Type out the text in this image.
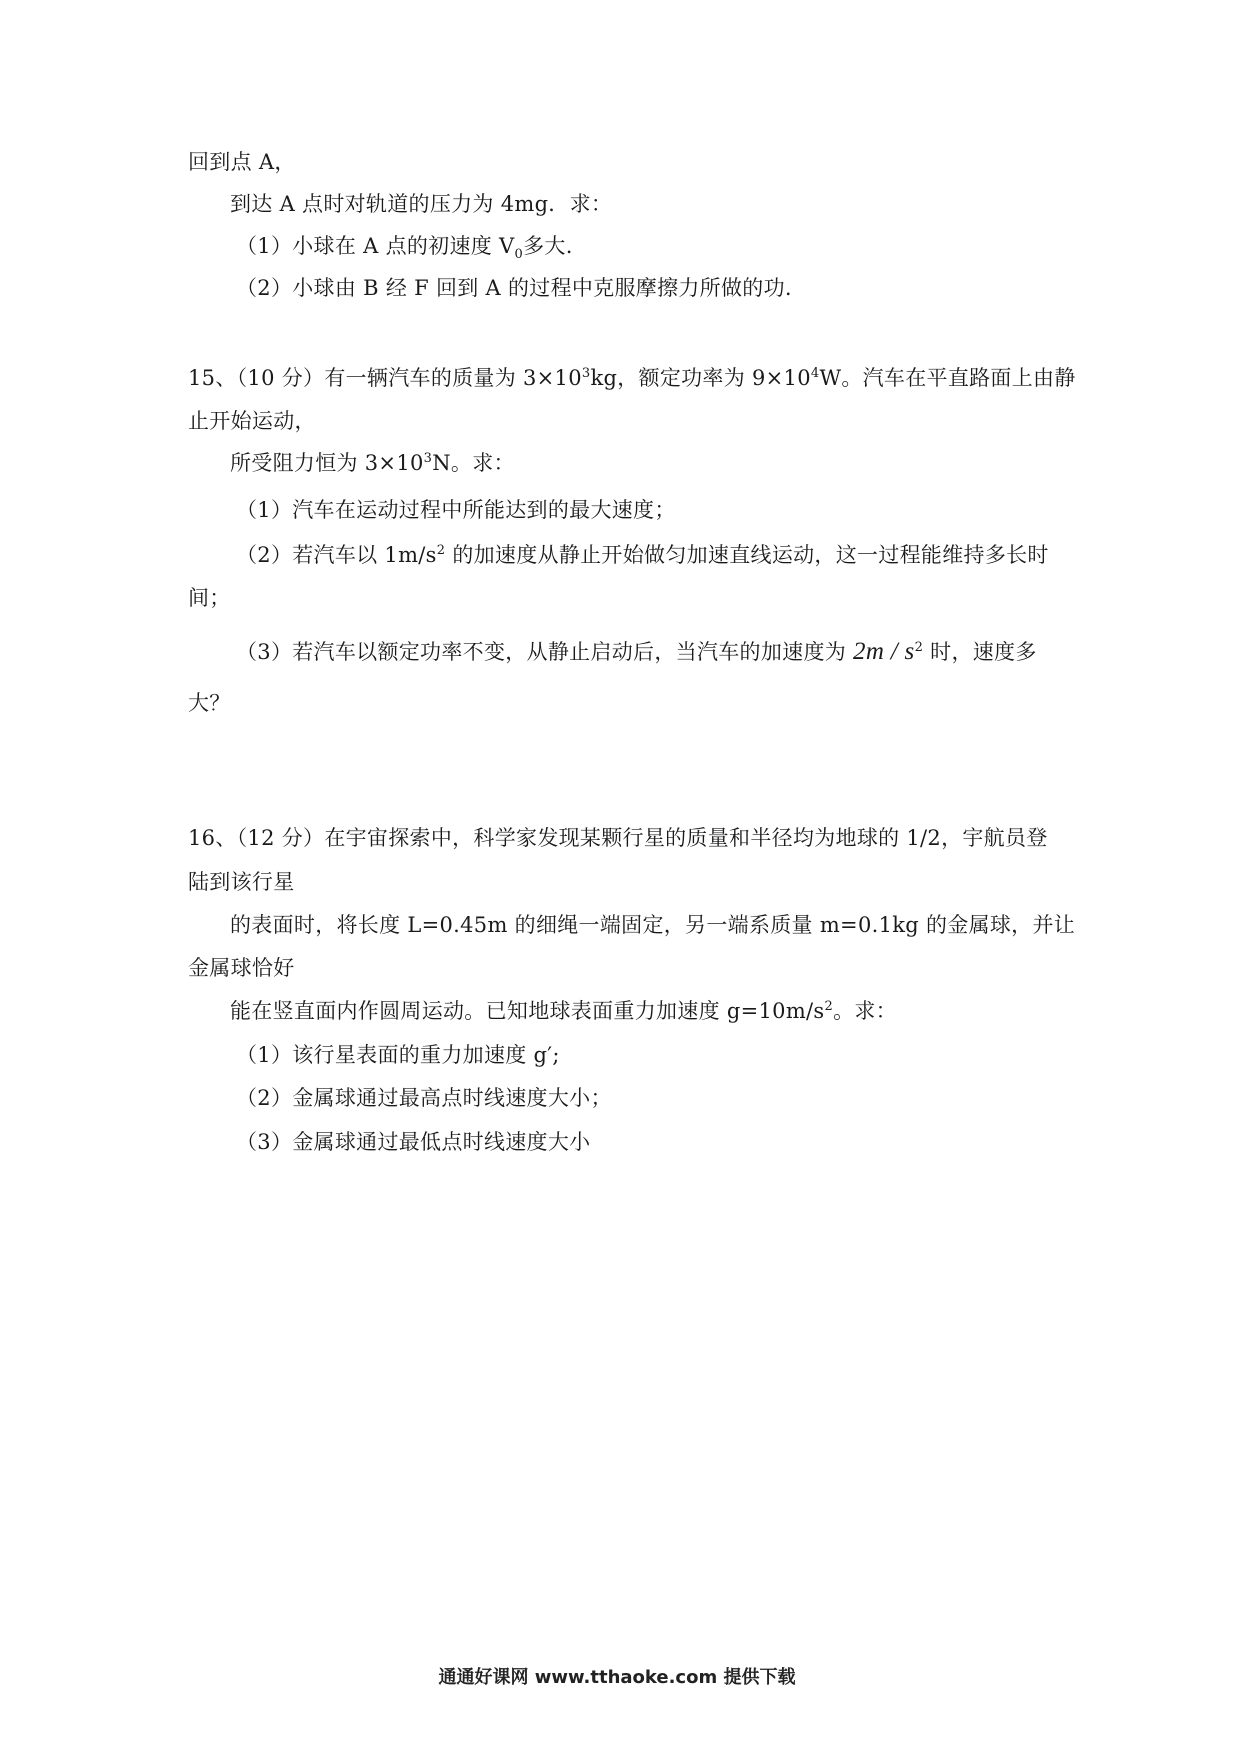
回到点 A，
到达 A 点时对轨道的压力为 4mg．求：
（1）小球在 A 点的初速度 $V_0$多大.
（2）小球由 B 经 F 回到 A 的过程中克服摩擦力所做的功.
15、（10 分）有一辆汽车的质量为 $3\times 10^3kg$，额定功率为 $9\times 10^4W$。汽车在平直路面上由静
止开始运动，
所受阻力恒为 $3\times 10^3N$。求：
（1）汽车在运动过程中所能达到的最大速度；
（2）若汽车以 $1m/s^2$ 的加速度从静止开始做匀加速直线运动，这一过程能维持多长时
间；
（3）若汽车以额定功率不变，从静止启动后，当汽车的加速度为 $2m / s^2$ 时，速度多
大？
16、（12 分）在宇宙探索中，科学家发现某颗行星的质量和半径均为地球的 1/2，宇航员登
陆到该行星
的表面时，将长度 L=0.45m 的细绳一端固定，另一端系质量 m=0.1kg 的金属球，并让
金属球恰好
能在竖直面内作圆周运动。已知地球表面重力加速度 $g=10m/s^2$。求：
（1）该行星表面的重力加速度 g′;
（2）金属球通过最高点时线速度大小；
（3）金属球通过最低点时线速度大小
通通好课网 www.tthaoke.com 提供下载
